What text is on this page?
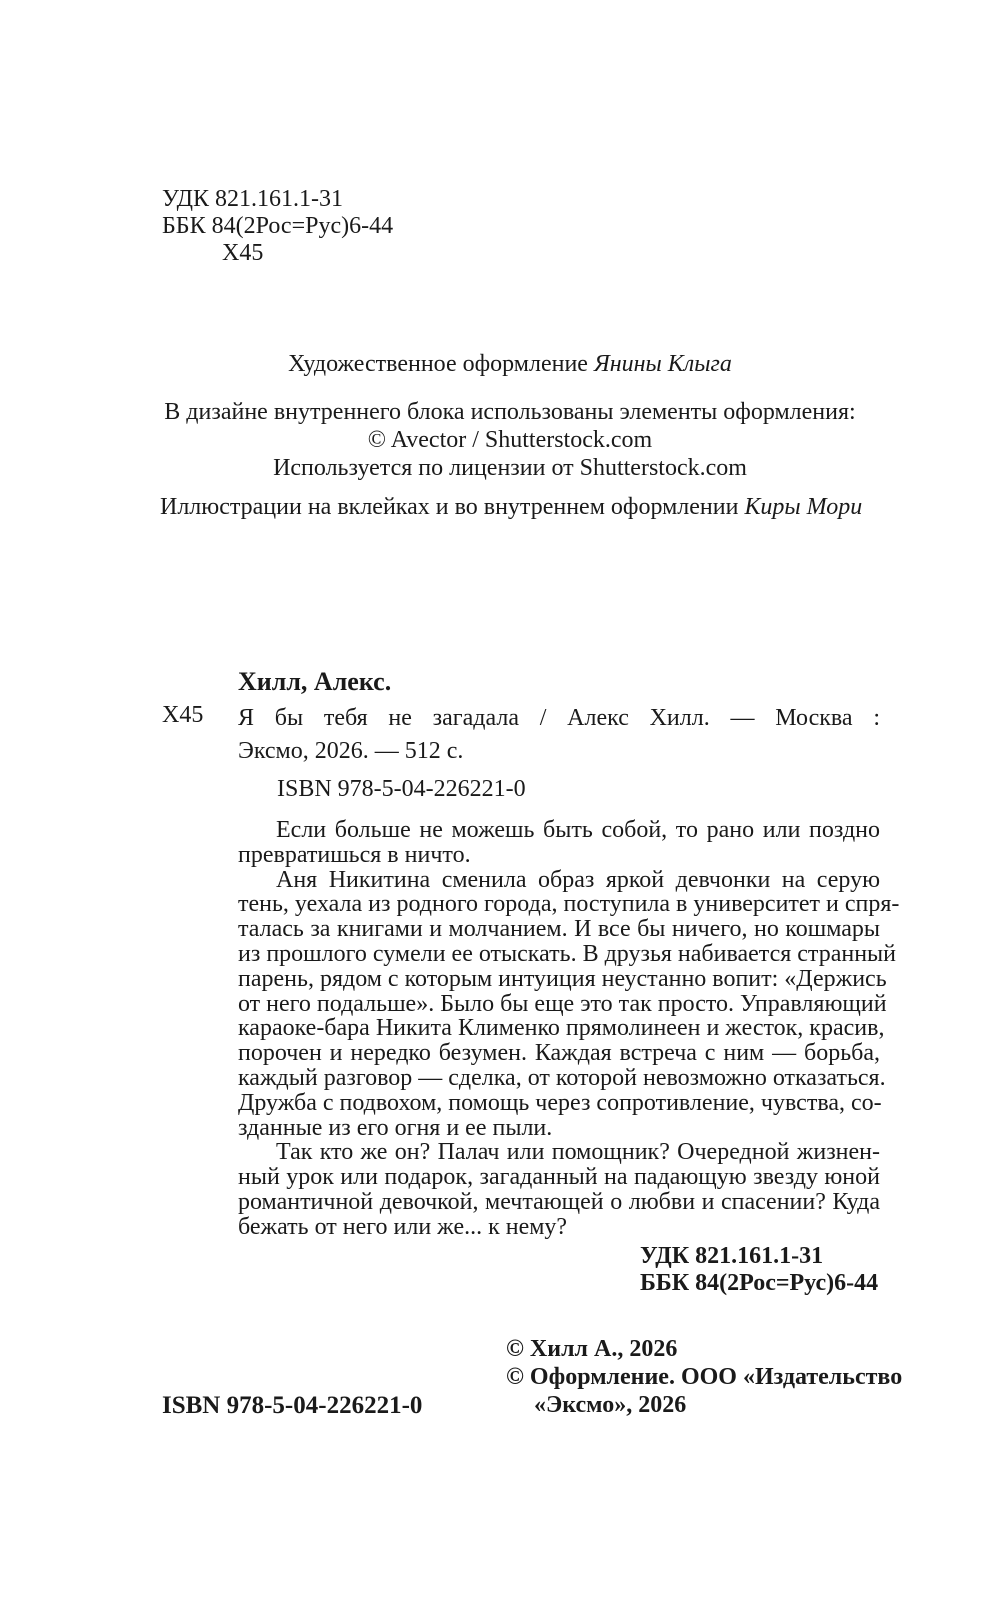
УДК 821.161.1-31
ББК 84(2Рос=Рус)6-44
Х45
Художественное оформление Янины Клыга
В дизайне внутреннего блока использованы элементы оформления:
© Avector / Shutterstock.com
Используется по лицензии от Shutterstock.com
Иллюстрации на вклейках и во внутреннем оформлении Киры Мори
Хилл, Алекс.
Х45 Я бы тебя не загадала / Алекс Хилл. — Москва :
Эксмо, 2026. — 512 с.
ISBN 978-5-04-226221-0
Если больше не можешь быть собой, то рано или поздно
превратишься в ничто.
Аня Никитина сменила образ яркой девчонки на серую
тень, уехала из родного города, поступила в университет и спря-
талась за книгами и молчанием. И все бы ничего, но кошмары
из прошлого сумели ее отыскать. В друзья набивается странный
парень, рядом с которым интуиция неустанно вопит: «Держись
от него подальше». Было бы еще это так просто. Управляющий
караоке-бара Никита Клименко прямолинеен и жесток, красив,
порочен и нередко безумен. Каждая встреча с ним — борьба,
каждый разговор — сделка, от которой невозможно отказаться.
Дружба с подвохом, помощь через сопротивление, чувства, со-
зданные из его огня и ее пыли.
Так кто же он? Палач или помощник? Очередной жизнен-
ный урок или подарок, загаданный на падающую звезду юной
романтичной девочкой, мечтающей о любви и спасении? Куда
бежать от него или же... к нему?
УДК 821.161.1-31
ББК 84(2Рос=Рус)6-44
© Хилл А., 2026
© Оформление. ООО «Издательство
«Эксмо», 2026
ISBN 978-5-04-226221-0
